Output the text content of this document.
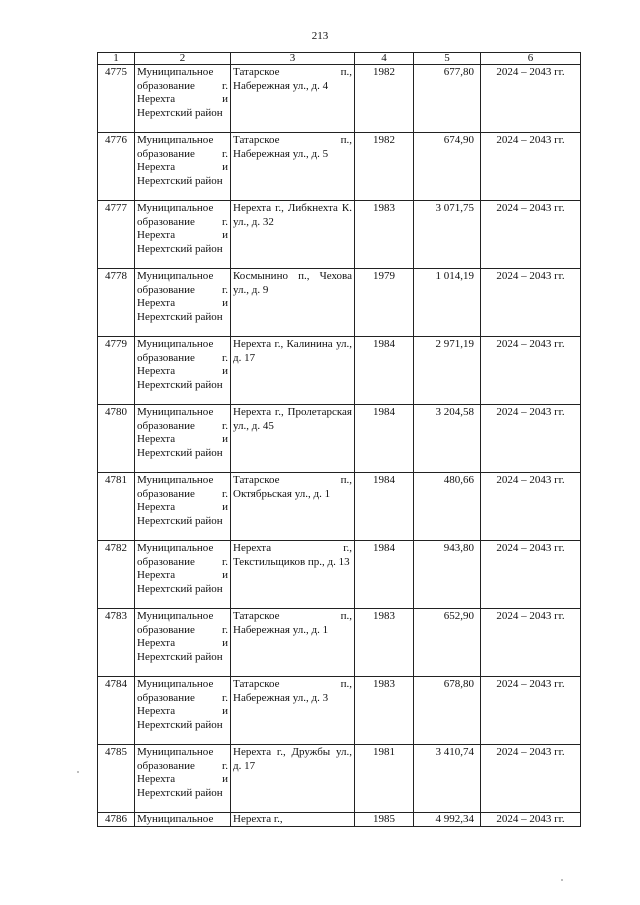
213
1	2	3	4	5	6
4775	Муниципальное образование г. Нерехта и Нерехтский район	Татарское п., Набережная ул., д. 4	1982	677,80	2024 – 2043 гг.
4776	Муниципальное образование г. Нерехта и Нерехтский район	Татарское п., Набережная ул., д. 5	1982	674,90	2024 – 2043 гг.
4777	Муниципальное образование г. Нерехта и Нерехтский район	Нерехта г., Либкнехта К. ул., д. 32	1983	3 071,75	2024 – 2043 гг.
4778	Муниципальное образование г. Нерехта и Нерехтский район	Космынино п., Чехова ул., д. 9	1979	1 014,19	2024 – 2043 гг.
4779	Муниципальное образование г. Нерехта и Нерехтский район	Нерехта г., Калинина ул., д. 17	1984	2 971,19	2024 – 2043 гг.
4780	Муниципальное образование г. Нерехта и Нерехтский район	Нерехта г., Пролетарская ул., д. 45	1984	3 204,58	2024 – 2043 гг.
4781	Муниципальное образование г. Нерехта и Нерехтский район	Татарское п., Октябрьская ул., д. 1	1984	480,66	2024 – 2043 гг.
4782	Муниципальное образование г. Нерехта и Нерехтский район	Нерехта г., Текстильщиков пр., д. 13	1984	943,80	2024 – 2043 гг.
4783	Муниципальное образование г. Нерехта и Нерехтский район	Татарское п., Набережная ул., д. 1	1983	652,90	2024 – 2043 гг.
4784	Муниципальное образование г. Нерехта и Нерехтский район	Татарское п., Набережная ул., д. 3	1983	678,80	2024 – 2043 гг.
4785	Муниципальное образование г. Нерехта и Нерехтский район	Нерехта г., Дружбы ул., д. 17	1981	3 410,74	2024 – 2043 гг.
4786	Муниципальное	Нерехта г.,	1985	4 992,34	2024 – 2043 гг.
